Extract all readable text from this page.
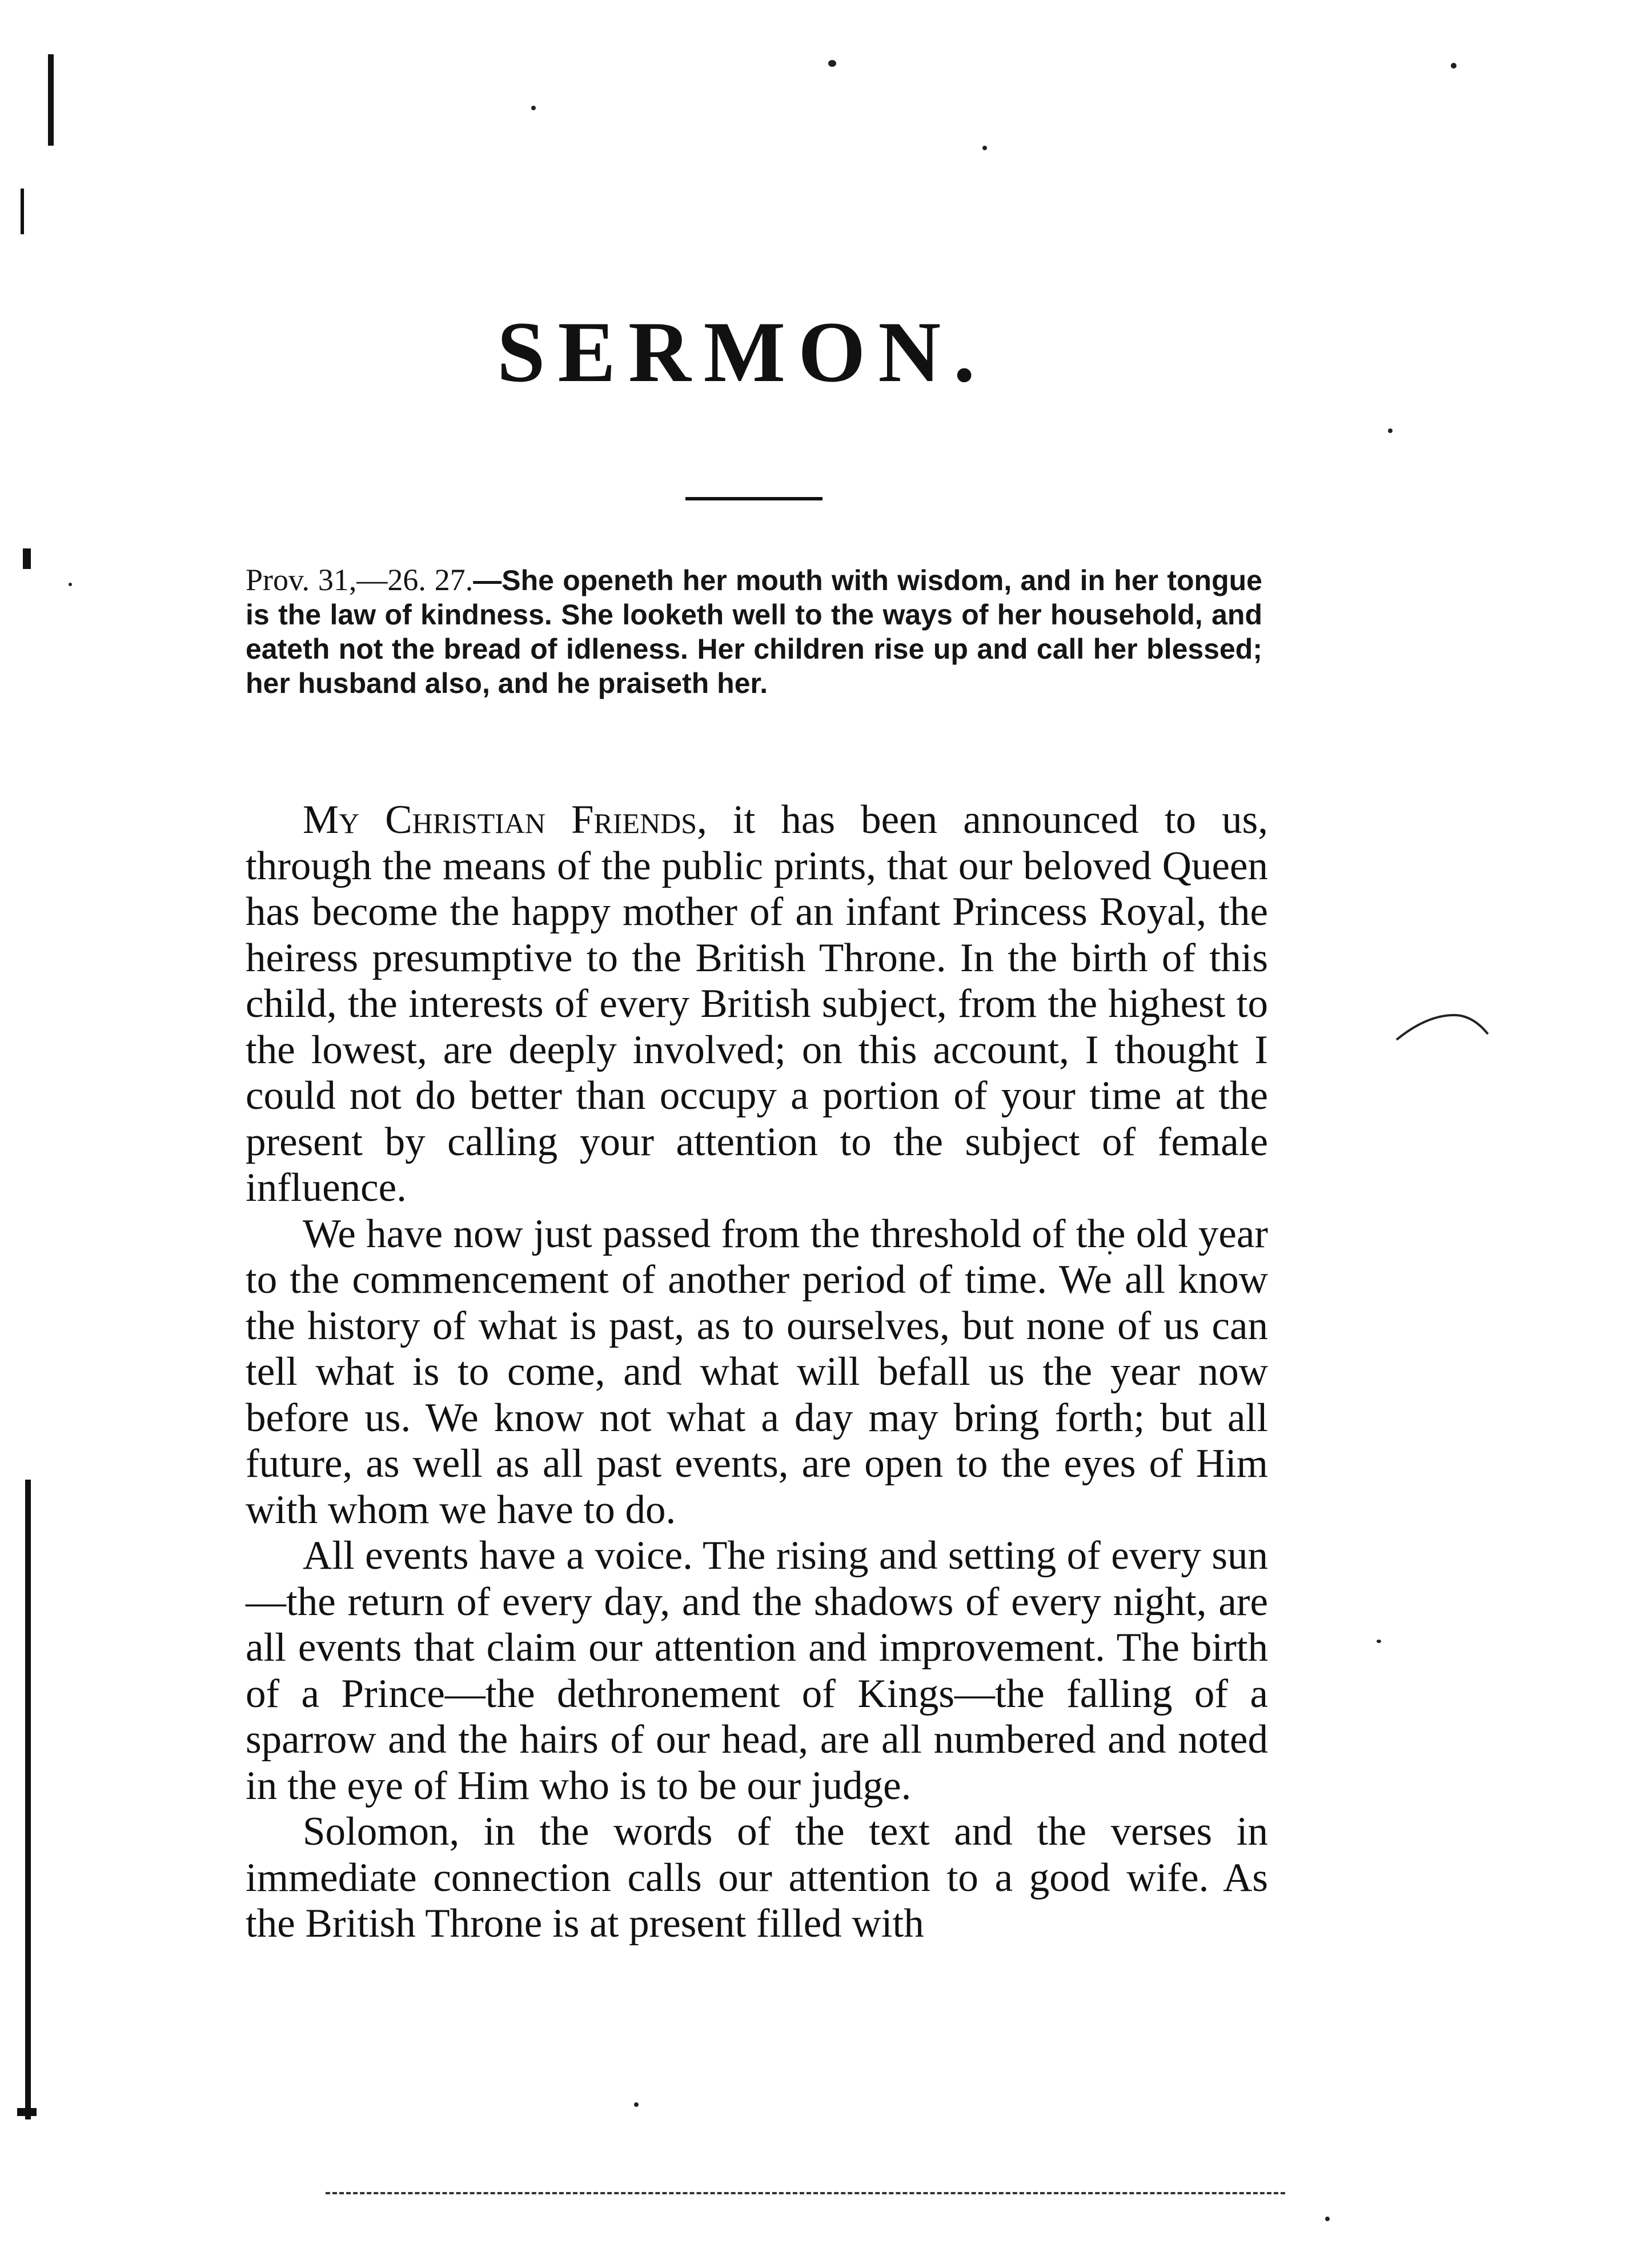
SERMON.
Prov. 31,—26. 27.—She openeth her mouth with wisdom, and in her tongue is the law of kindness. She looketh well to the ways of her household, and eateth not the bread of idleness. Her children rise up and call her blessed; her husband also, and he praiseth her.

My Christian Friends, it has been announced to us, through the means of the public prints, that our beloved Queen has become the happy mother of an infant Princess Royal, the heiress presumptive to the British Throne. In the birth of this child, the interests of every British subject, from the highest to the lowest, are deeply involved; on this account, I thought I could not do better than occupy a portion of your time at the present by calling your attention to the subject of female influence.

We have now just passed from the threshold of the old year to the commencement of another period of time. We all know the history of what is past, as to ourselves, but none of us can tell what is to come, and what will befall us the year now before us. We know not what a day may bring forth; but all future, as well as all past events, are open to the eyes of Him with whom we have to do.

All events have a voice. The rising and setting of every sun—the return of every day, and the shadows of every night, are all events that claim our attention and improvement. The birth of a Prince—the dethronement of Kings—the falling of a sparrow and the hairs of our head, are all numbered and noted in the eye of Him who is to be our judge.

Solomon, in the words of the text and the verses in immediate connection calls our attention to a good wife. As the British Throne is at present filled with
